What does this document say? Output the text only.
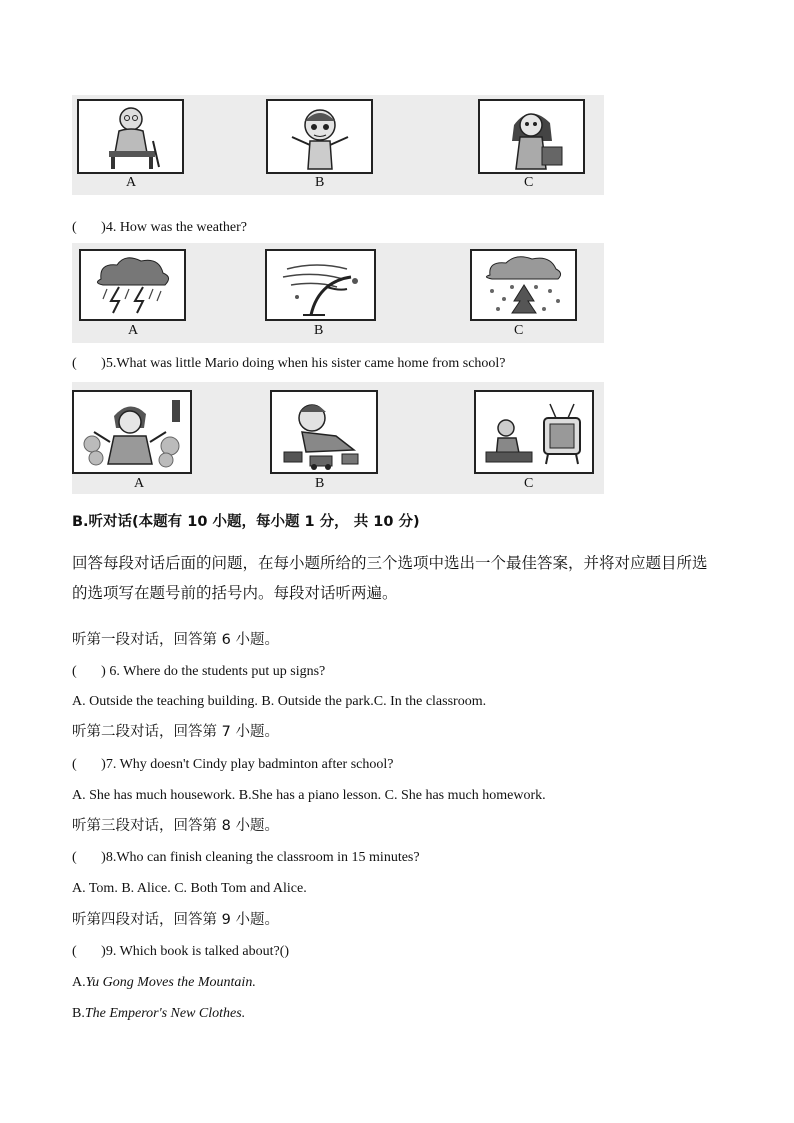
A	B	C
(       )4. How was the weather?
A	B	C
(       )5.What was little Mario doing when his sister came home from school?
A	B	C
B.听对话(本题有 10 小题，每小题 1 分， 共 10 分)
回答每段对话后面的问题，在每小题所给的三个选项中选出一个最佳答案，并将对应题目所选
的选项写在题号前的括号内。每段对话听两遍。
听第一段对话，回答第 6 小题。
(       ) 6. Where do the students put up signs?
A. Outside the teaching building. B. Outside the park.C. In the classroom.
听第二段对话，回答第 7 小题。
(       )7. Why doesn't Cindy play badminton after school?
A. She has much housework. B.She has a piano lesson. C. She has much homework.
听第三段对话，回答第 8 小题。
(       )8.Who can finish cleaning the classroom in 15 minutes?
A. Tom. B. Alice. C. Both Tom and Alice.
听第四段对话，回答第 9 小题。
(       )9. Which book is talked about?()
A.Yu Gong Moves the Mountain.
B.The Emperor's New Clothes.
